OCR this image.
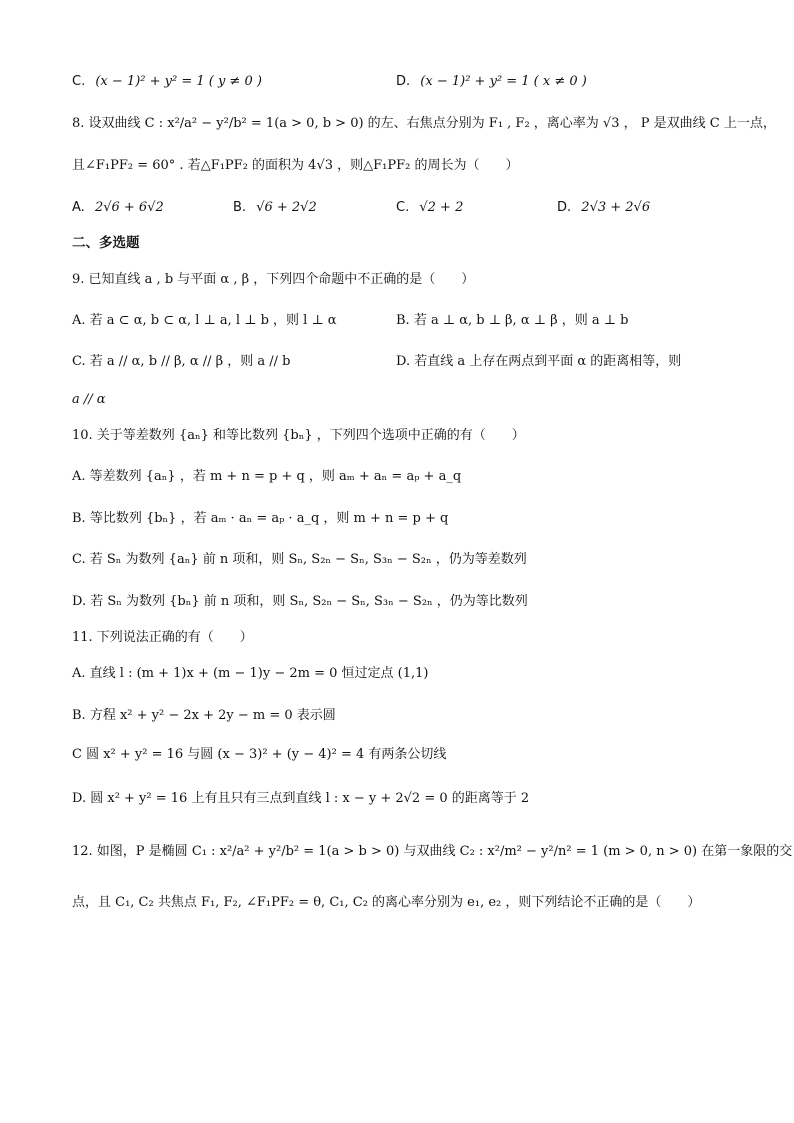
C. (x − 1)² + y² = 1 ( y ≠ 0 )	D. (x − 1)² + y² = 1 ( x ≠ 0 )
8. 设双曲线 C : x²/a² − y²/b² = 1(a > 0, b > 0) 的左、右焦点分别为 F₁ , F₂ ，离心率为 √3 ， P 是双曲线 C 上一点，
且∠F₁PF₂ = 60° . 若△F₁PF₂ 的面积为 4√3 ，则△F₁PF₂ 的周长为（　　）
A. 2√6 + 6√2	B. √6 + 2√2	C. √2 + 2	D. 2√3 + 2√6
二、多选题
9. 已知直线 a , b 与平面 α , β ，下列四个命题中不正确的是（　　）
A. 若 a ⊂ α, b ⊂ α, l ⊥ a, l ⊥ b ，则 l ⊥ α	B. 若 a ⊥ α, b ⊥ β, α ⊥ β ，则 a ⊥ b
C. 若 a // α, b // β, α // β ，则 a // b	D. 若直线 a 上存在两点到平面 α 的距离相等，则
a // α
10. 关于等差数列 {aₙ} 和等比数列 {bₙ} ，下列四个选项中正确的有（　　）
A. 等差数列 {aₙ} ，若 m + n = p + q ，则 aₘ + aₙ = aₚ + a_q
B. 等比数列 {bₙ} ，若 aₘ · aₙ = aₚ · a_q ，则 m + n = p + q
C. 若 Sₙ 为数列 {aₙ} 前 n 项和，则 Sₙ, S₂ₙ − Sₙ, S₃ₙ − S₂ₙ ，仍为等差数列
D. 若 Sₙ 为数列 {bₙ} 前 n 项和，则 Sₙ, S₂ₙ − Sₙ, S₃ₙ − S₂ₙ ，仍为等比数列
11. 下列说法正确的有（　　）
A. 直线 l : (m + 1)x + (m − 1)y − 2m = 0 恒过定点 (1,1)
B. 方程 x² + y² − 2x + 2y − m = 0 表示圆
C 圆 x² + y² = 16 与圆 (x − 3)² + (y − 4)² = 4 有两条公切线
D. 圆 x² + y² = 16 上有且只有三点到直线 l : x − y + 2√2 = 0 的距离等于 2
12. 如图，P 是椭圆 C₁ : x²/a² + y²/b² = 1(a > b > 0) 与双曲线 C₂ : x²/m² − y²/n² = 1 (m > 0, n > 0) 在第一象限的交
点，且 C₁, C₂ 共焦点 F₁, F₂, ∠F₁PF₂ = θ, C₁, C₂ 的离心率分别为 e₁, e₂ ，则下列结论不正确的是（　　）
